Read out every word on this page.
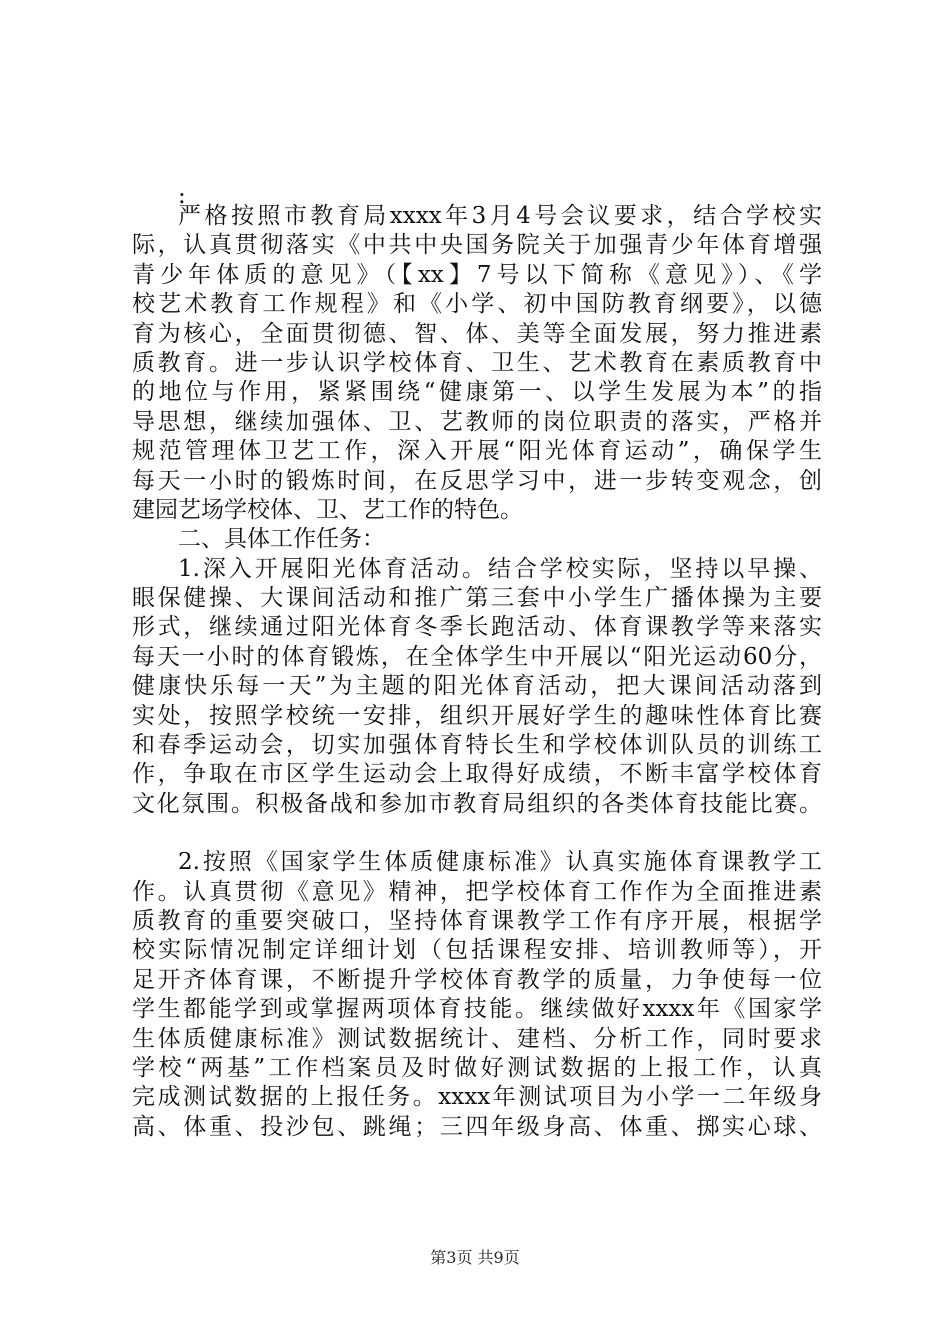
:
严格按照市教育局xxxx年3月4号会议要求，结合学校实
际，认真贯彻落实《中共中央国务院关于加强青少年体育增强
青少年体质的意见》（【xx】7号以下简称《意见》）、《学
校艺术教育工作规程》和《小学、初中国防教育纲要》，以德
育为核心，全面贯彻德、智、体、美等全面发展，努力推进素
质教育。进一步认识学校体育、卫生、艺术教育在素质教育中
的地位与作用，紧紧围绕“健康第一、以学生发展为本”的指
导思想，继续加强体、卫、艺教师的岗位职责的落实，严格并
规范管理体卫艺工作，深入开展“阳光体育运动”，确保学生
每天一小时的锻炼时间，在反思学习中，进一步转变观念，创
建园艺场学校体、卫、艺工作的特色。
二、具体工作任务：
1.深入开展阳光体育活动。结合学校实际，坚持以早操、
眼保健操、大课间活动和推广第三套中小学生广播体操为主要
形式，继续通过阳光体育冬季长跑活动、体育课教学等来落实
每天一小时的体育锻炼，在全体学生中开展以“阳光运动60分，
健康快乐每一天”为主题的阳光体育活动，把大课间活动落到
实处，按照学校统一安排，组织开展好学生的趣味性体育比赛
和春季运动会，切实加强体育特长生和学校体训队员的训练工
作，争取在市区学生运动会上取得好成绩，不断丰富学校体育
文化氛围。积极备战和参加市教育局组织的各类体育技能比赛。
2.按照《国家学生体质健康标准》认真实施体育课教学工
作。认真贯彻《意见》精神，把学校体育工作作为全面推进素
质教育的重要突破口，坚持体育课教学工作有序开展，根据学
校实际情况制定详细计划（包括课程安排、培训教师等），开
足开齐体育课，不断提升学校体育教学的质量，力争使每一位
学生都能学到或掌握两项体育技能。继续做好xxxx年《国家学
生体质健康标准》测试数据统计、建档、分析工作，同时要求
学校“两基”工作档案员及时做好测试数据的上报工作，认真
完成测试数据的上报任务。xxxx年测试项目为小学一二年级身
高、体重、投沙包、跳绳；三四年级身高、体重、掷实心球、
第3页 共9页
